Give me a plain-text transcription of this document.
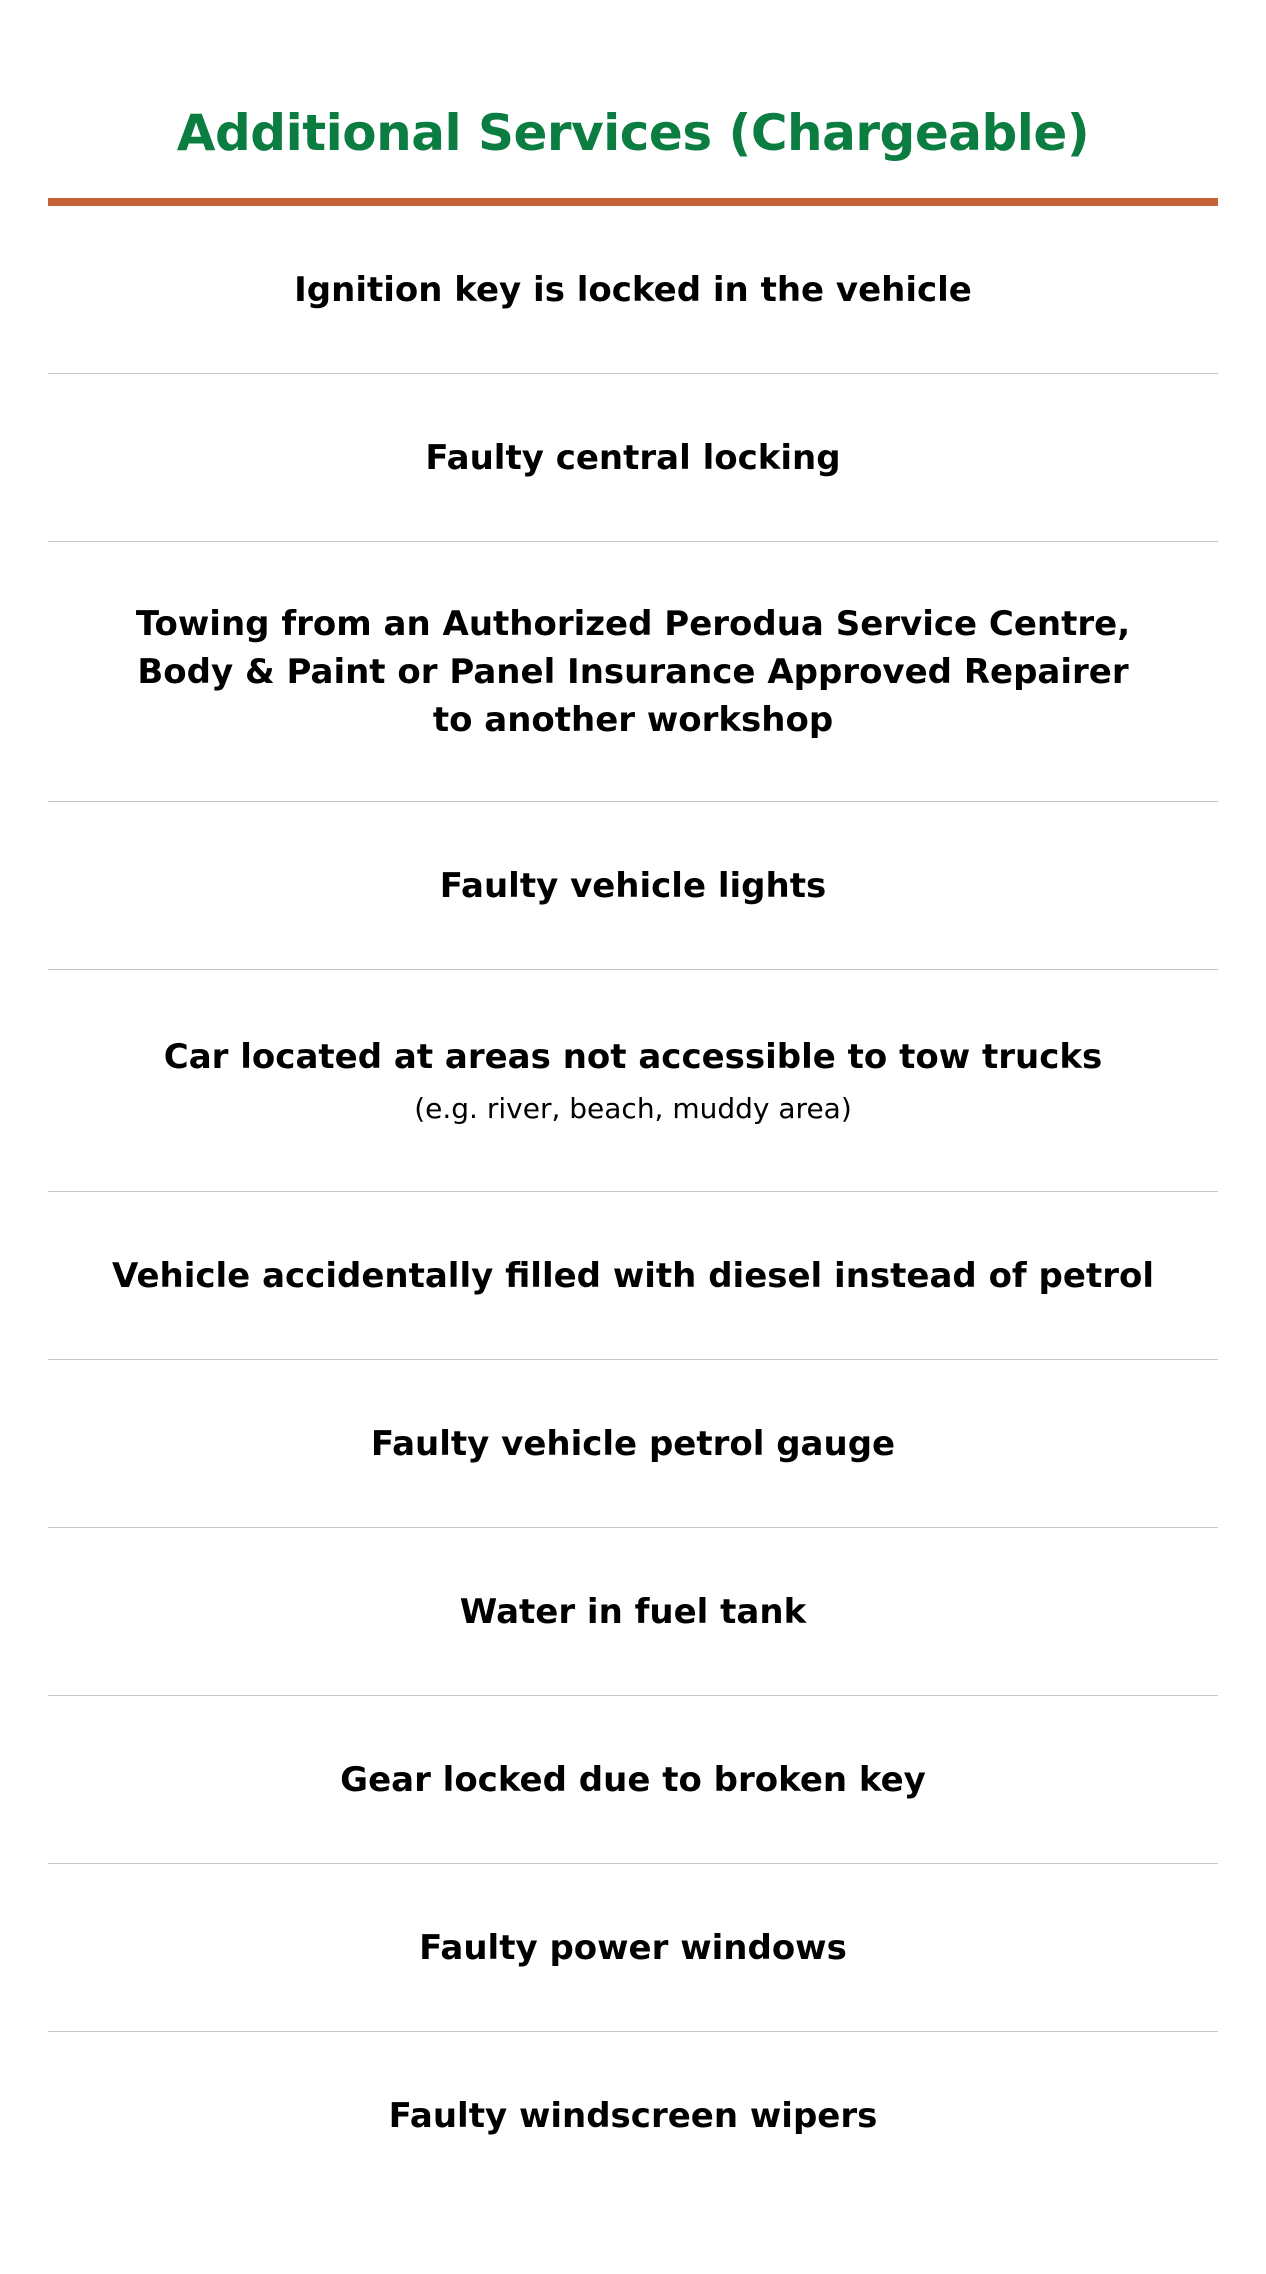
Additional Services (Chargeable)
Ignition key is locked in the vehicle
Faulty central locking
Towing from an Authorized Perodua Service Centre, Body & Paint or Panel Insurance Approved Repairer to another workshop
Faulty vehicle lights
Car located at areas not accessible to tow trucks
(e.g. river, beach, muddy area)
Vehicle accidentally filled with diesel instead of petrol
Faulty vehicle petrol gauge
Water in fuel tank
Gear locked due to broken key
Faulty power windows
Faulty windscreen wipers
